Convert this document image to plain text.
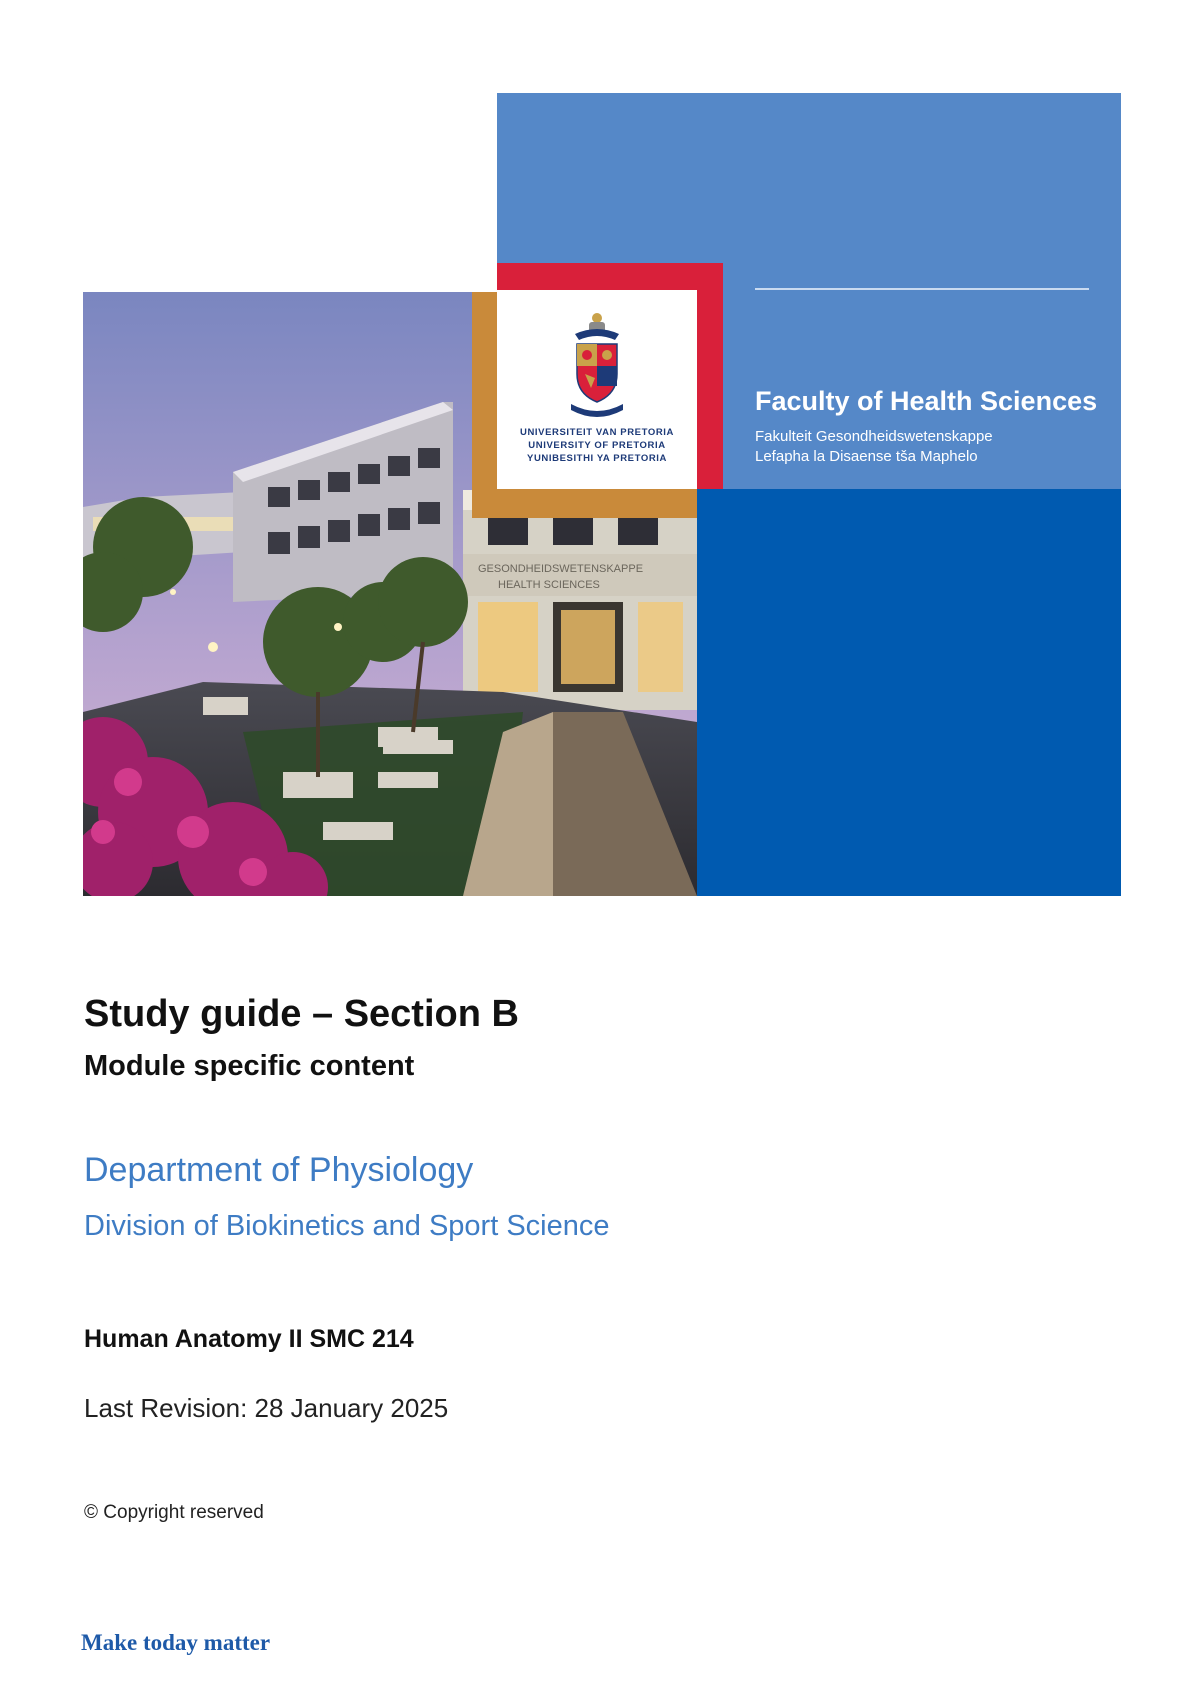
Faculty of Health Sciences
Fakulteit Gesondheidswetenskappe
Lefapha la Disaense tša Maphelo
GESONDHEIDSWETENSKAPPE
HEALTH SCIENCES
UNIVERSITEIT VAN PRETORIA
UNIVERSITY OF PRETORIA
YUNIBESITHI YA PRETORIA
Study guide – Section B
Module specific content
Department of Physiology
Division of Biokinetics and Sport Science
Human Anatomy II SMC 214
Last Revision: 28 January 2025
© Copyright reserved
Make today matter
